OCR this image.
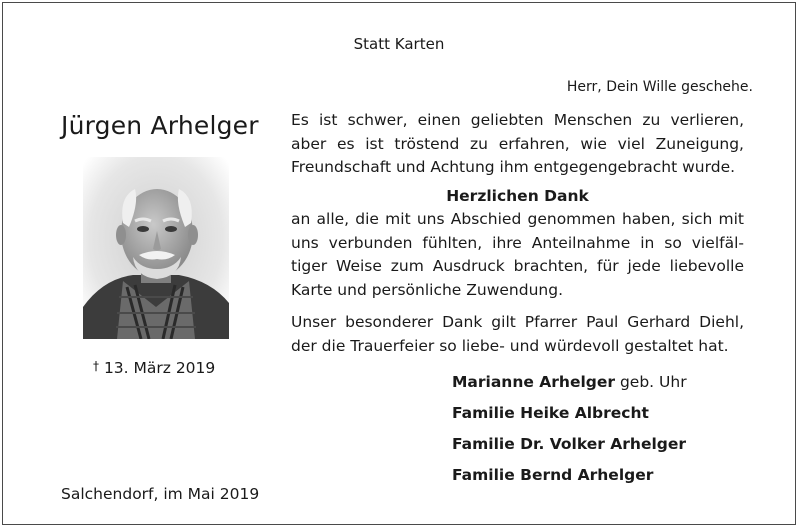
Statt Karten
Herr, Dein Wille geschehe.
Jürgen Arhelger
† 13. März 2019

Es ist schwer, einen geliebten Menschen zu verlieren,

aber es ist tröstend zu erfahren, wie viel Zuneigung,

Freundschaft und Achtung ihm entgegengebracht wurde.

Herzlichen Dank

an alle, die mit uns Abschied genommen haben, sich mit

uns verbunden fühlten, ihre Anteilnahme in so vielfäl-

tiger Weise zum Ausdruck brachten, für jede liebevolle

Karte und persönliche Zuwendung.

Unser besonderer Dank gilt Pfarrer Paul Gerhard Diehl,

der die Trauerfeier so liebe- und würdevoll gestaltet hat.

Marianne Arhelger geb. Uhr
Familie Heike Albrecht
Familie Dr. Volker Arhelger
Familie Bernd Arhelger
Salchendorf, im Mai 2019
